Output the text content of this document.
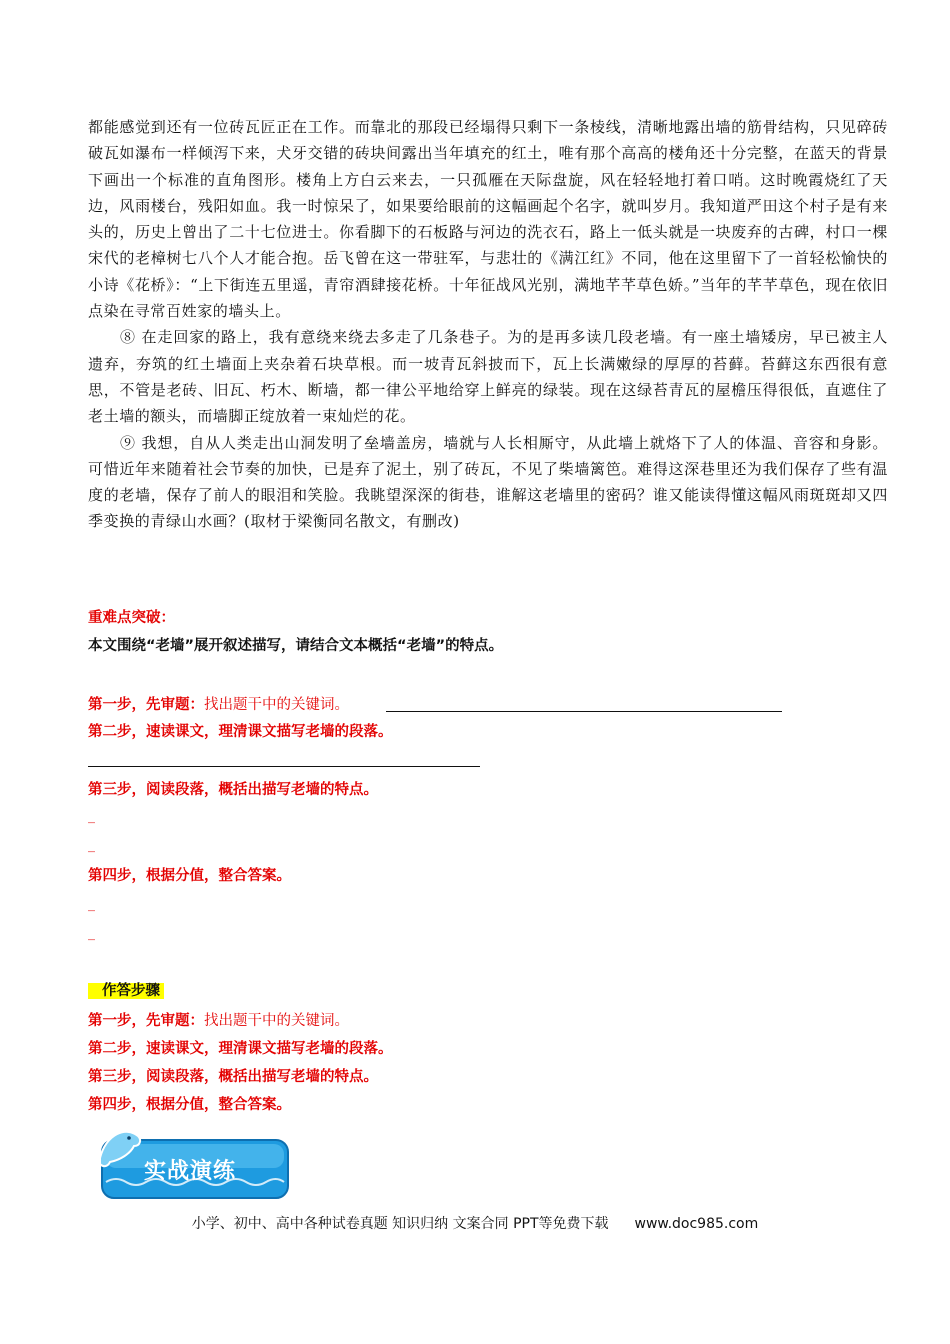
都能感觉到还有一位砖瓦匠正在工作。而靠北的那段已经塌得只剩下一条棱线，清晰地露出墙的筋骨结构，只见碎砖破瓦如瀑布一样倾泻下来，犬牙交错的砖块间露出当年填充的红土，唯有那个高高的楼角还十分完整，在蓝天的背景下画出一个标准的直角图形。楼角上方白云来去，一只孤雁在天际盘旋，风在轻轻地打着口哨。这时晚霞烧红了天边，风雨楼台，残阳如血。我一时惊呆了，如果要给眼前的这幅画起个名字，就叫岁月。我知道严田这个村子是有来头的，历史上曾出了二十七位进士。你看脚下的石板路与河边的洗衣石，路上一低头就是一块废弃的古碑，村口一棵宋代的老樟树七八个人才能合抱。岳飞曾在这一带驻军，与悲壮的《满江红》不同，他在这里留下了一首轻松愉快的小诗《花桥》：“上下街连五里遥，青帘酒肆接花桥。十年征战风光别，满地芊芊草色娇。”当年的芊芊草色，现在依旧点染在寻常百姓家的墙头上。

⑧ 在走回家的路上，我有意绕来绕去多走了几条巷子。为的是再多读几段老墙。有一座土墙矮房，早已被主人遗弃，夯筑的红土墙面上夹杂着石块草根。而一坡青瓦斜披而下，瓦上长满嫩绿的厚厚的苔藓。苔藓这东西很有意思，不管是老砖、旧瓦、朽木、断墙，都一律公平地给穿上鲜亮的绿装。现在这绿苔青瓦的屋檐压得很低，直遮住了老土墙的额头，而墙脚正绽放着一束灿烂的花。

⑨ 我想，自从人类走出山洞发明了垒墙盖房，墙就与人长相厮守，从此墙上就烙下了人的体温、音容和身影。可惜近年来随着社会节奏的加快，已是弃了泥土，别了砖瓦，不见了柴墙篱笆。难得这深巷里还为我们保存了些有温度的老墙，保存了前人的眼泪和笑脸。我眺望深深的街巷，谁解这老墙里的密码？谁又能读得懂这幅风雨斑斑却又四季变换的青绿山水画？(取材于梁衡同名散文，有删改)

重难点突破：
本文围绕“老墙”展开叙述描写，请结合文本概括“老墙”的特点。
第一步，先审题：找出题干中的关键词。
第二步，速读课文，理清课文描写老墙的段落。
第三步，阅读段落，概括出描写老墙的特点。
_
_
第四步，根据分值，整合答案。
_
_
作答步骤
第一步，先审题：找出题干中的关键词。
第二步，速读课文，理清课文描写老墙的段落。
第三步，阅读段落，概括出描写老墙的特点。
第四步，根据分值，整合答案。
实战演练
小学、初中、高中各种试卷真题 知识归纳 文案合同 PPT等免费下载 www.doc985.com
